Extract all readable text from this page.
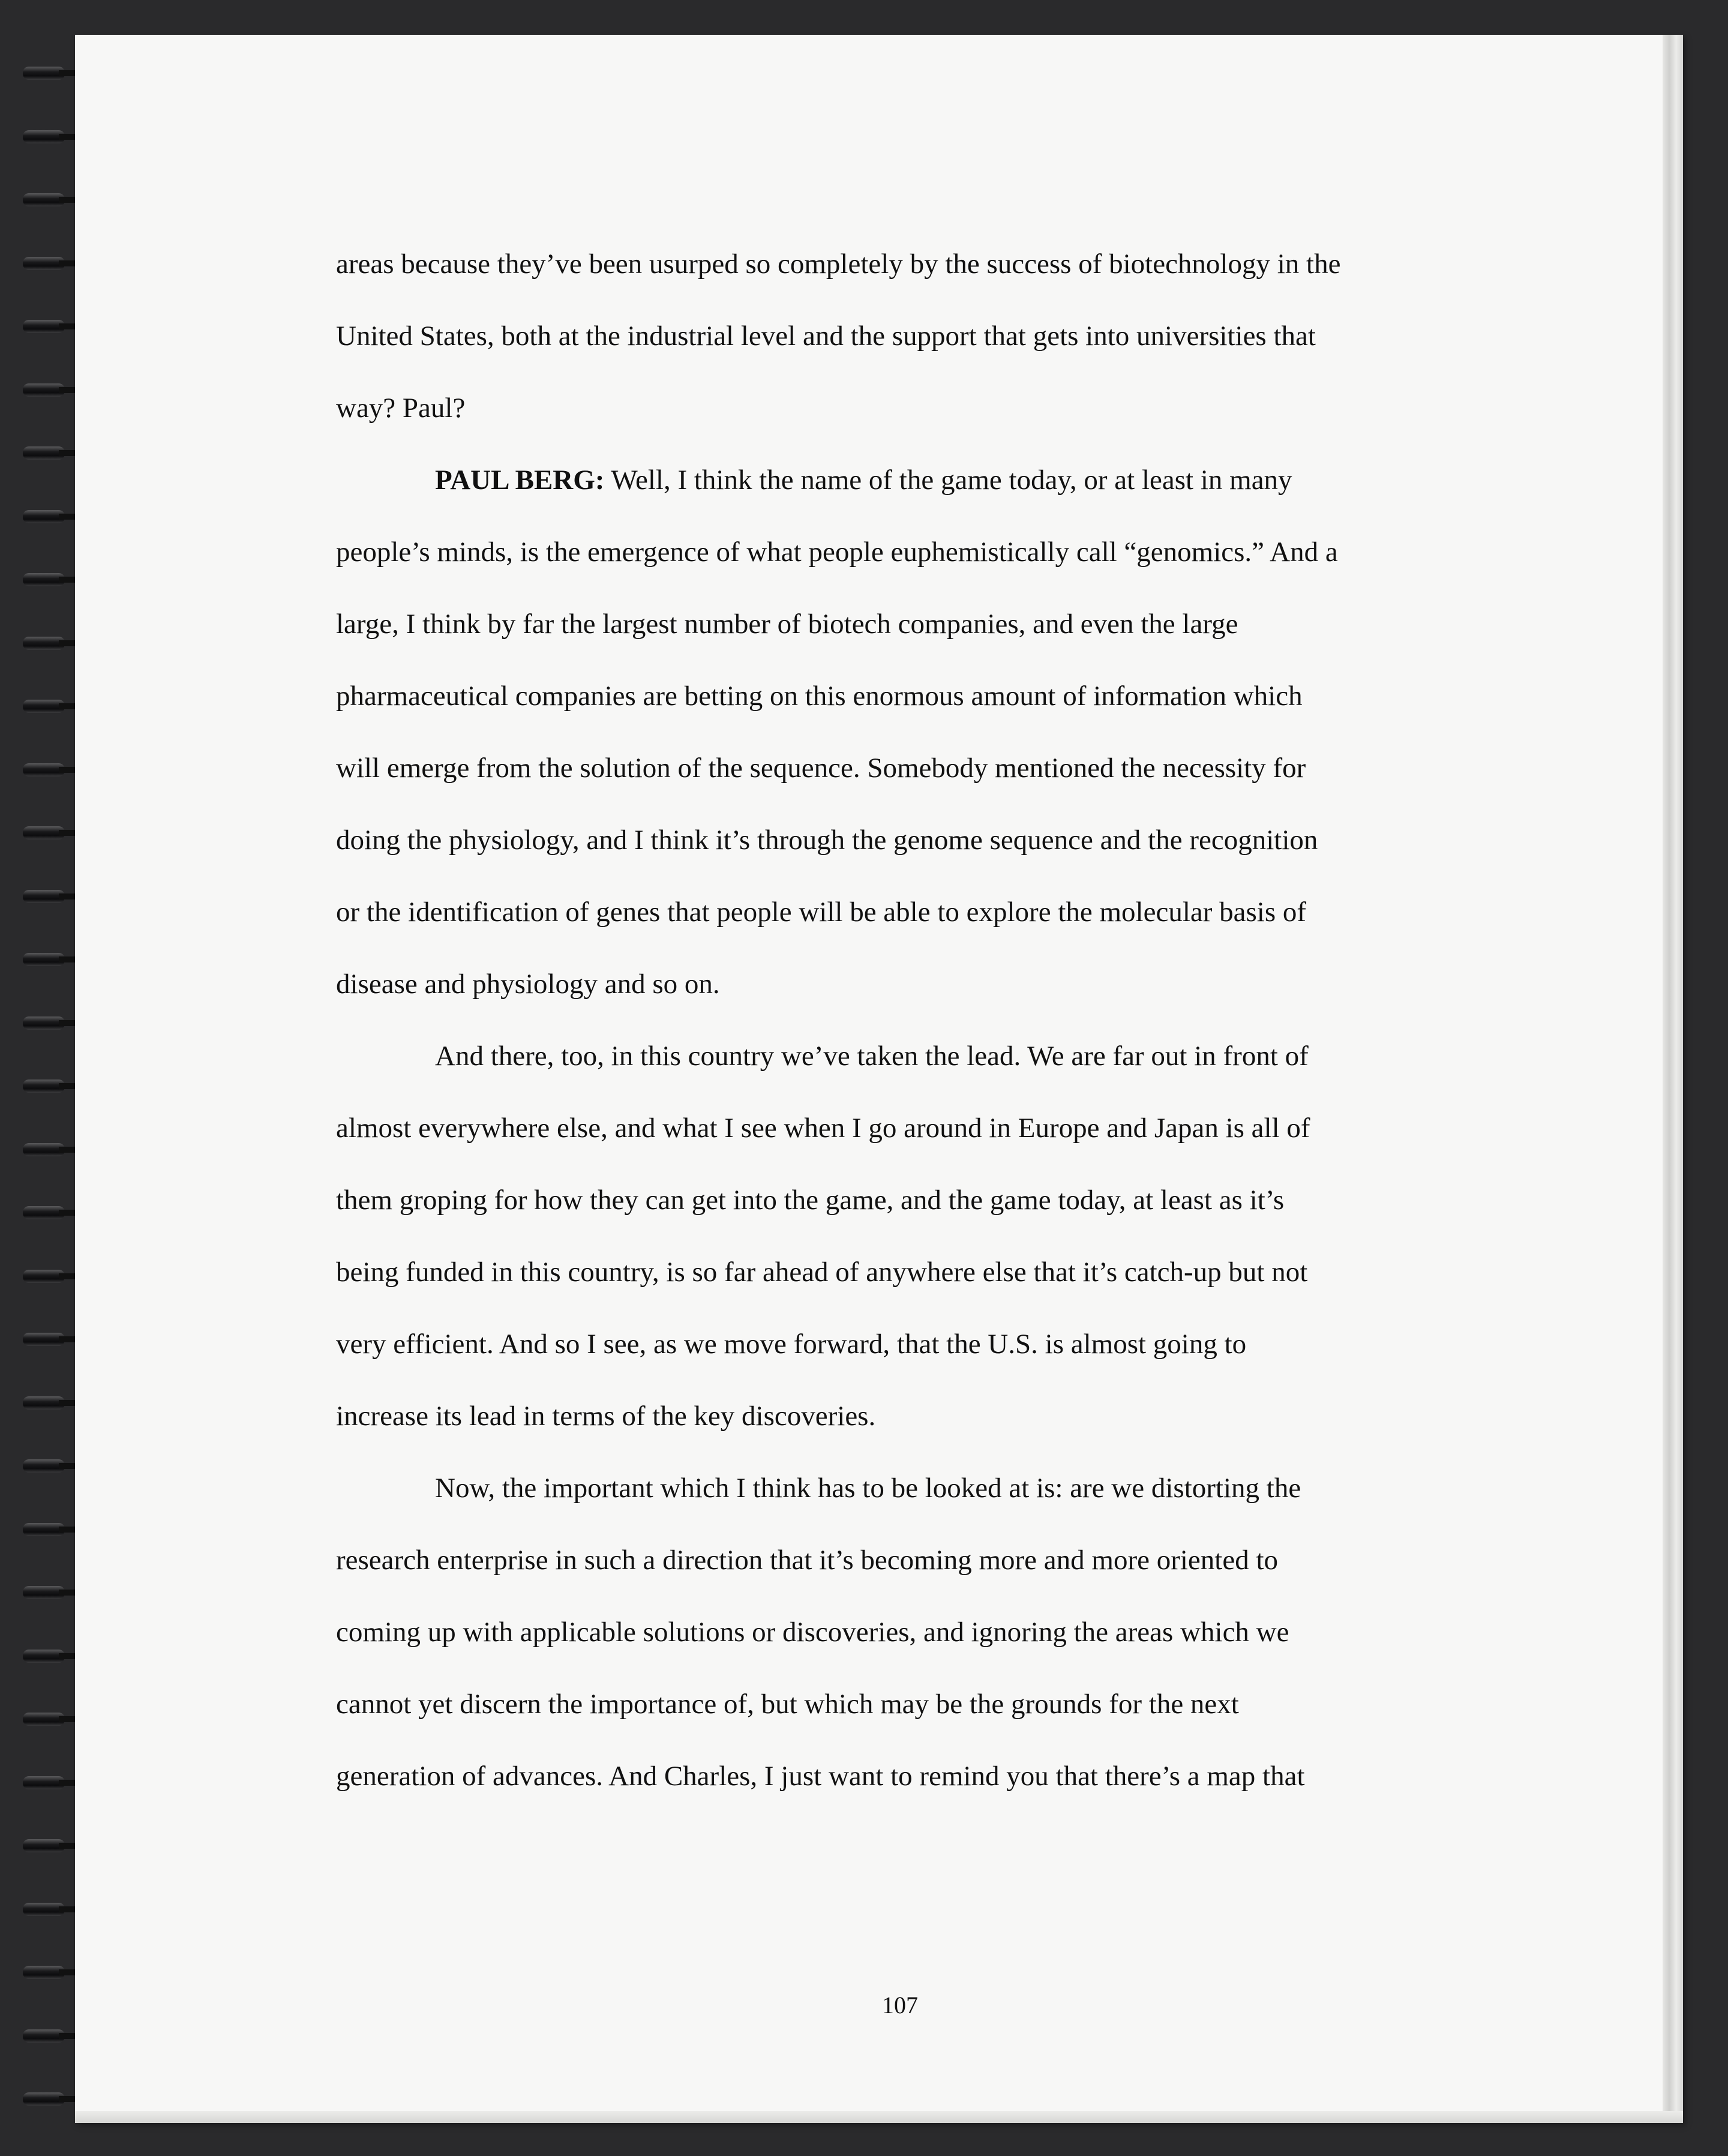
areas because they’ve been usurped so completely by the success of biotechnology in the
United States, both at the industrial level and the support that gets into universities that
way? Paul?
PAUL BERG: Well, I think the name of the game today, or at least in many
people’s minds, is the emergence of what people euphemistically call “genomics.” And a
large, I think by far the largest number of biotech companies, and even the large
pharmaceutical companies are betting on this enormous amount of information which
will emerge from the solution of the sequence. Somebody mentioned the necessity for
doing the physiology, and I think it’s through the genome sequence and the recognition
or the identification of genes that people will be able to explore the molecular basis of
disease and physiology and so on.
And there, too, in this country we’ve taken the lead. We are far out in front of
almost everywhere else, and what I see when I go around in Europe and Japan is all of
them groping for how they can get into the game, and the game today, at least as it’s
being funded in this country, is so far ahead of anywhere else that it’s catch-up but not
very efficient. And so I see, as we move forward, that the U.S. is almost going to
increase its lead in terms of the key discoveries.
Now, the important which I think has to be looked at is: are we distorting the
research enterprise in such a direction that it’s becoming more and more oriented to
coming up with applicable solutions or discoveries, and ignoring the areas which we
cannot yet discern the importance of, but which may be the grounds for the next
generation of advances. And Charles, I just want to remind you that there’s a map that
107
